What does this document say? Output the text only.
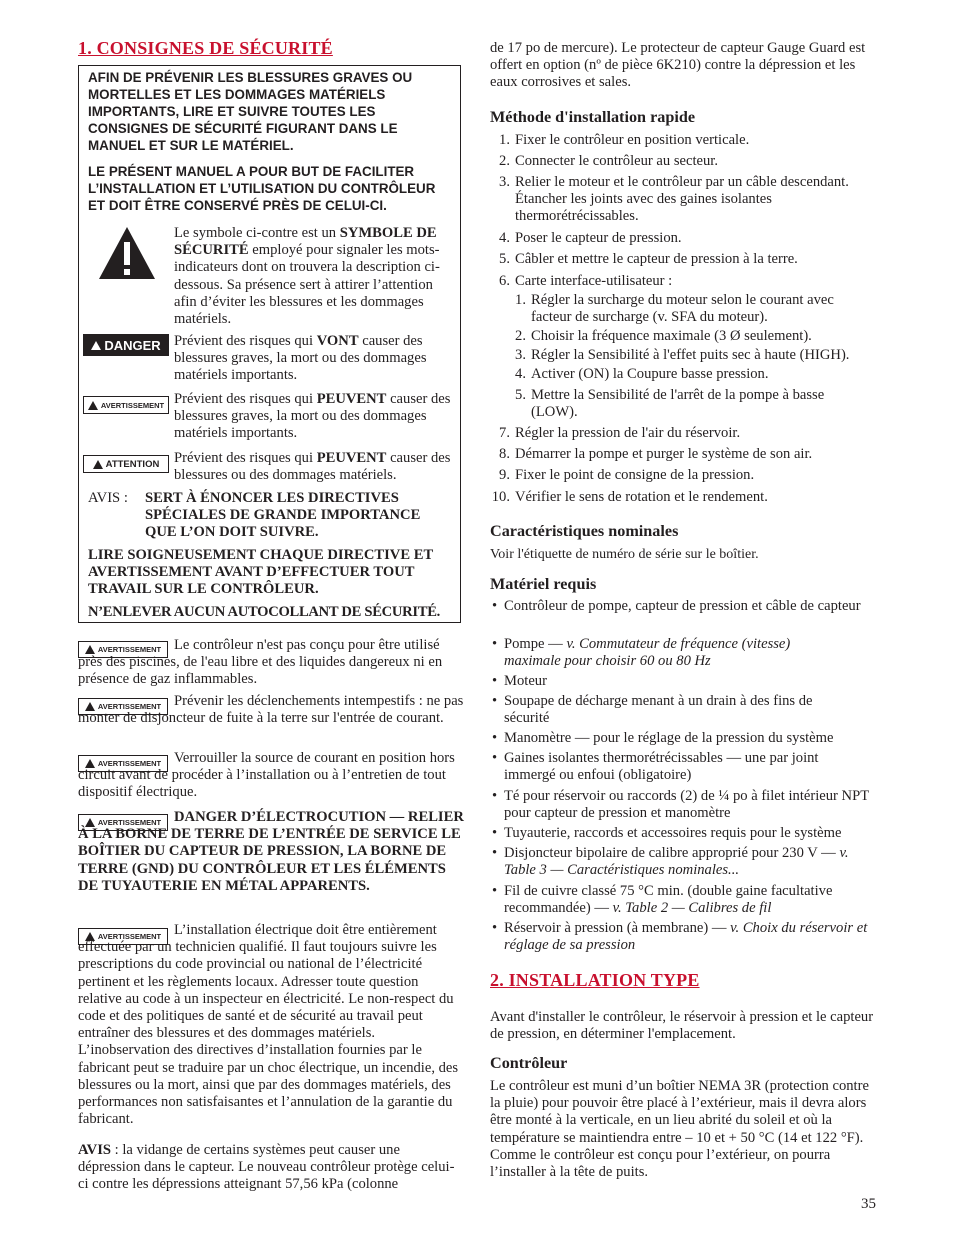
1. CONSIGNES DE SÉCURITÉ
AFIN DE PRÉVENIR LES BLESSURES GRAVES OU MORTELLES ET LES DOMMAGES MATÉRIELS IMPORTANTS, LIRE ET SUIVRE TOUTES LES CONSIGNES DE SÉCURITÉ FIGURANT DANS LE MANUEL ET SUR LE MATÉRIEL.
LE PRÉSENT MANUEL A POUR BUT DE FACILITER L’INSTALLATION ET L’UTILISATION DU CONTRÔLEUR ET DOIT ÊTRE CONSERVÉ PRÈS DE CELUI-CI.
Le symbole ci-contre est un SYMBOLE DE SÉCURITÉ employé pour signaler les mots-indicateurs dont on trouvera la description ci-dessous. Sa présence sert à attirer l’attention afin d’éviter les blessures et les dommages matériels.
DANGER Prévient des risques qui VONT causer des blessures graves, la mort ou des dommages matériels importants.
AVERTISSEMENT Prévient des risques qui PEUVENT causer des blessures graves, la mort ou des dommages matériels importants.
ATTENTION Prévient des risques qui PEUVENT causer des blessures ou des dommages matériels.
AVIS :	SERT À ÉNONCER LES DIRECTIVES SPÉCIALES DE GRANDE IMPORTANCE QUE L’ON DOIT SUIVRE.
LIRE SOIGNEUSEMENT CHAQUE DIRECTIVE ET AVERTISSEMENT AVANT D’EFFECTUER TOUT TRAVAIL SUR LE CONTRÔLEUR.
N’ENLEVER AUCUN AUTOCOLLANT DE SÉCURITÉ.
AVERTISSEMENT Le contrôleur n'est pas conçu pour être utilisé près des piscines, de l'eau libre et des liquides dangereux ni en présence de gaz inflammables.
AVERTISSEMENT Prévenir les déclenchements intempestifs : ne pas monter de disjoncteur de fuite à la terre sur l'entrée de courant.
AVERTISSEMENT Verrouiller la source de courant en position hors circuit avant de procéder à l’installation ou à l’entretien de tout dispositif électrique.
AVERTISSEMENT DANGER D’ÉLECTROCUTION — RELIER À LA BORNE DE TERRE DE L’ENTRÉE DE SERVICE LE BOÎTIER DU CAPTEUR DE PRESSION, LA BORNE DE TERRE (GND) DU CONTRÔLEUR ET LES ÉLÉMENTS DE TUYAUTERIE EN MÉTAL APPARENTS.
AVERTISSEMENT L’installation électrique doit être entièrement effectuée par un technicien qualifié. Il faut toujours suivre les prescriptions du code provincial ou national de l’électricité pertinent et les règlements locaux. Adresser toute question relative au code à un inspecteur en électricité. Le non-respect du code et des politiques de santé et de sécurité au travail peut entraîner des blessures et des dommages matériels. L’inobservation des directives d’installation fournies par le fabricant peut se traduire par un choc électrique, un incendie, des blessures ou la mort, ainsi que par des dommages matériels, des performances non satisfaisantes et l’annulation de la garantie du fabricant.
AVIS : la vidange de certains systèmes peut causer une dépression dans le capteur. Le nouveau contrôleur protège celui-ci contre les dépressions atteignant 57,56 kPa (colonne
de 17 po de mercure). Le protecteur de capteur Gauge Guard est offert en option (nº de pièce 6K210) contre la dépression et les eaux corrosives et sales.
Méthode d'installation rapide
1. Fixer le contrôleur en position verticale.
2. Connecter le contrôleur au secteur.
3. Relier le moteur et le contrôleur par un câble descendant. Étancher les joints avec des gaines isolantes thermorétrécissables.
4. Poser le capteur de pression.
5. Câbler et mettre le capteur de pression à la terre.
6. Carte interface-utilisateur :
1. Régler la surcharge du moteur selon le courant avec facteur de surcharge (v. SFA du moteur).
2. Choisir la fréquence maximale (3 Ø seulement).
3. Régler la Sensibilité à l'effet puits sec à haute (HIGH).
4. Activer (ON) la Coupure basse pression.
5. Mettre la Sensibilité de l'arrêt de la pompe à basse (LOW).
7. Régler la pression de l'air du réservoir.
8. Démarrer la pompe et purger le système de son air.
9. Fixer le point de consigne de la pression.
10. Vérifier le sens de rotation et le rendement.
Caractéristiques nominales
Voir l'étiquette de numéro de série sur le boîtier.
Matériel requis
• Contrôleur de pompe, capteur de pression et câble de capteur
• Pompe — v. Commutateur de fréquence (vitesse) maximale pour choisir 60 ou 80 Hz
• Moteur
• Soupape de décharge menant à un drain à des fins de sécurité
• Manomètre — pour le réglage de la pression du système
• Gaines isolantes thermorétrécissables — une par joint immergé ou enfoui (obligatoire)
• Té pour réservoir ou raccords (2) de ¼ po à filet intérieur NPT pour capteur de pression et manomètre
• Tuyauterie, raccords et accessoires requis pour le système
• Disjoncteur bipolaire de calibre approprié pour 230 V — v. Table 3 — Caractéristiques nominales...
• Fil de cuivre classé 75 °C min. (double gaine facultative recommandée) — v. Table 2 — Calibres de fil
• Réservoir à pression (à membrane) — v. Choix du réservoir et réglage de sa pression
2. INSTALLATION TYPE
Avant d'installer le contrôleur, le réservoir à pression et le capteur de pression, en déterminer l'emplacement.
Contrôleur
Le contrôleur est muni d’un boîtier NEMA 3R (protection contre la pluie) pour pouvoir être placé à l’extérieur, mais il devra alors être monté à la verticale, en un lieu abrité du soleil et où la température se maintiendra entre – 10 et + 50 °C (14 et 122 °F). Comme le contrôleur est conçu pour l’extérieur, on pourra l’installer à la tête de puits.
35
